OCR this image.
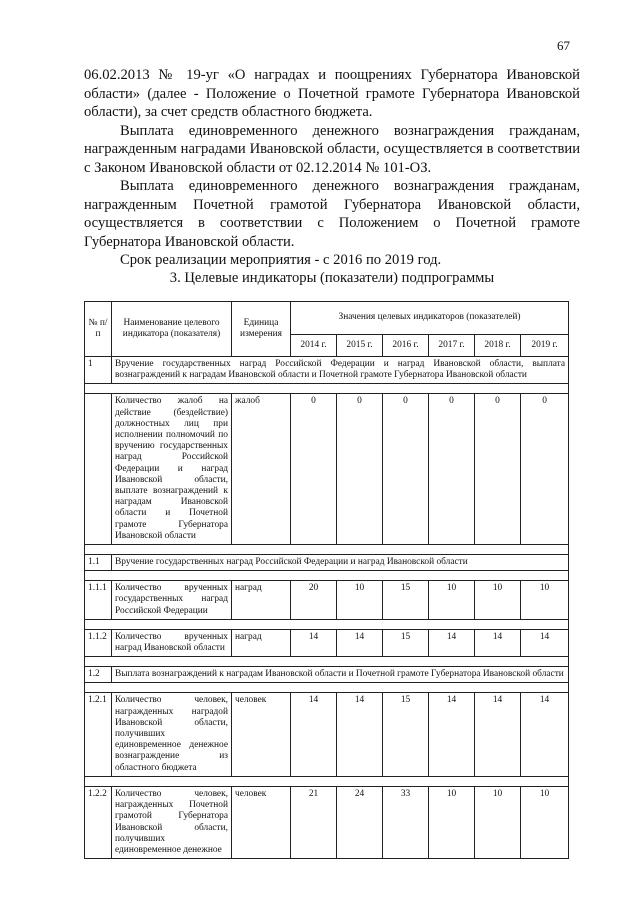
67

06.02.2013 № 19-уг «О наградах и поощрениях Губернатора Ивановской области» (далее - Положение о Почетной грамоте Губернатора Ивановской области), за счет средств областного бюджета.

Выплата единовременного денежного вознаграждения гражданам, награжденным наградами Ивановской области, осуществляется в соответствии с Законом Ивановской области от 02.12.2014 № 101-ОЗ.

Выплата единовременного денежного вознаграждения гражданам, награжденным Почетной грамотой Губернатора Ивановской области, осуществляется в соответствии с Положением о Почетной грамоте Губернатора Ивановской области.

Срок реализации мероприятия - с 2016 по 2019 год.

3. Целевые индикаторы (показатели) подпрограммы
№ п/п	Наименование целевого индикатора (показателя)	Единица измерения	Значения целевых индикаторов (показателей)					
			2014 г.	2015 г.	2016 г.	2017 г.	2018 г.	2019 г.
1	Вручение государственных наград Российской Федерации и наград Ивановской области, выплата вознаграждений к наградам Ивановской области и Почетной грамоте Губернатора Ивановской области							

	Количество жалоб на действие (бездействие) должностных лиц при исполнении полномочий по вручению государственных наград Российской Федерации и наград Ивановской области, выплате вознаграждений к наградам Ивановской области и Почетной грамоте Губернатора Ивановской области	жалоб	0	0	0	0	0	0

1.1	Вручение государственных наград Российской Федерации и наград Ивановской области							

1.1.1	Количество врученных государственных наград Российской Федерации	наград	20	10	15	10	10	10

1.1.2	Количество врученных наград Ивановской области	наград	14	14	15	14	14	14

1.2	Выплата вознаграждений к наградам Ивановской области и Почетной грамоте Губернатора Ивановской области							

1.2.1	Количество человек, награжденных наградой Ивановской области, получивших единовременное денежное вознаграждение из областного бюджета	человек	14	14	15	14	14	14

1.2.2	Количество человек, награжденных Почетной грамотой Губернатора Ивановской области, получивших единовременное денежное	человек	21	24	33	10	10	10
